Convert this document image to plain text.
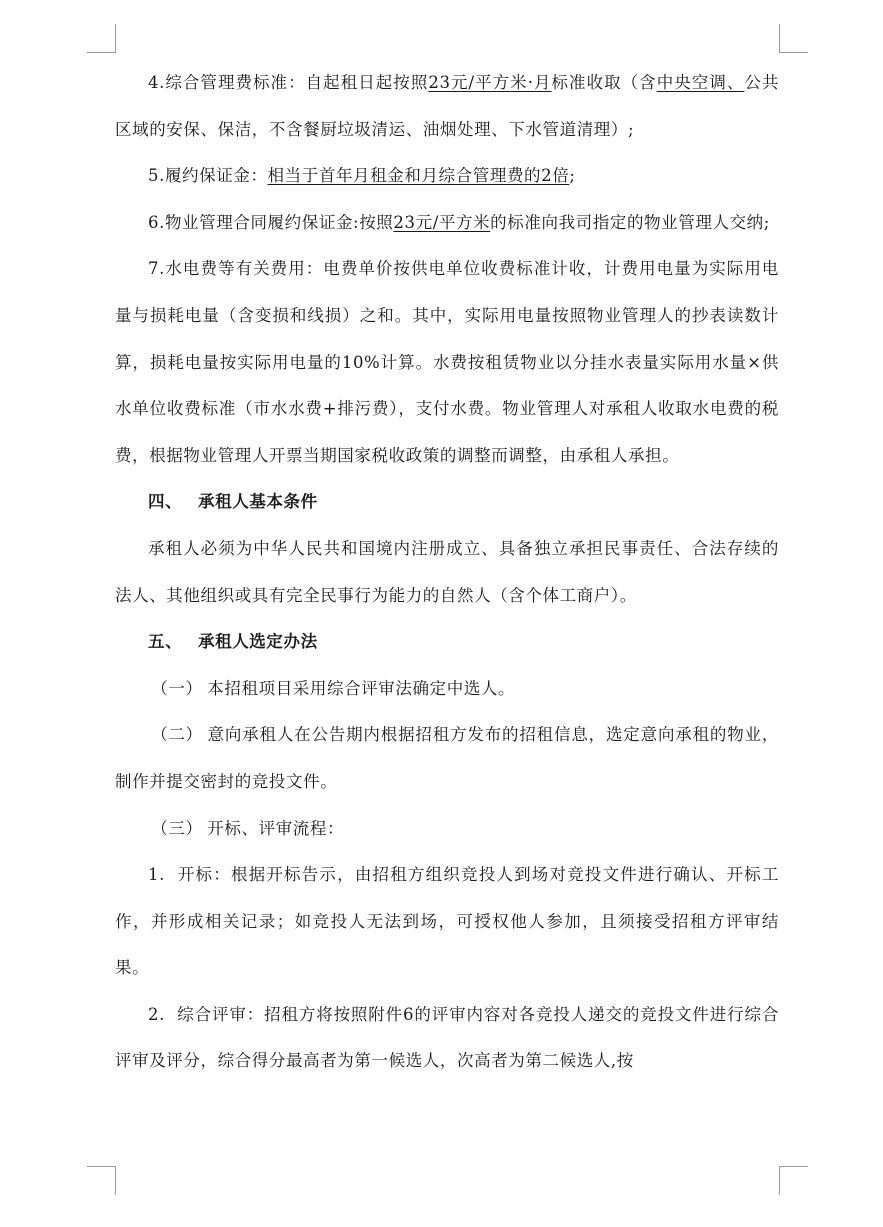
4.综合管理费标准：自起租日起按照23元/平方米·月标准收取（含中央空调、公共区域的安保、保洁，不含餐厨垃圾清运、油烟处理、下水管道清理）;

5.履约保证金：相当于首年月租金和月综合管理费的2倍;

6.物业管理合同履约保证金:按照23元/平方米的标准向我司指定的物业管理人交纳;

7.水电费等有关费用：电费单价按供电单位收费标准计收，计费用电量为实际用电量与损耗电量（含变损和线损）之和。其中，实际用电量按照物业管理人的抄表读数计算，损耗电量按实际用电量的10%计算。水费按租赁物业以分挂水表量实际用水量×供水单位收费标准（市水水费+排污费），支付水费。物业管理人对承租人收取水电费的税费，根据物业管理人开票当期国家税收政策的调整而调整，由承租人承担。

四、 承租人基本条件

承租人必须为中华人民共和国境内注册成立、具备独立承担民事责任、合法存续的法人、其他组织或具有完全民事行为能力的自然人（含个体工商户）。

五、 承租人选定办法

（一） 本招租项目采用综合评审法确定中选人。

（二） 意向承租人在公告期内根据招租方发布的招租信息，选定意向承租的物业，制作并提交密封的竞投文件。

（三） 开标、评审流程：

1. 开标：根据开标告示，由招租方组织竞投人到场对竞投文件进行确认、开标工作，并形成相关记录；如竞投人无法到场，可授权他人参加，且须接受招租方评审结果。

2. 综合评审：招租方将按照附件6的评审内容对各竞投人递交的竞投文件进行综合评审及评分，综合得分最高者为第一候选人，次高者为第二候选人,按
